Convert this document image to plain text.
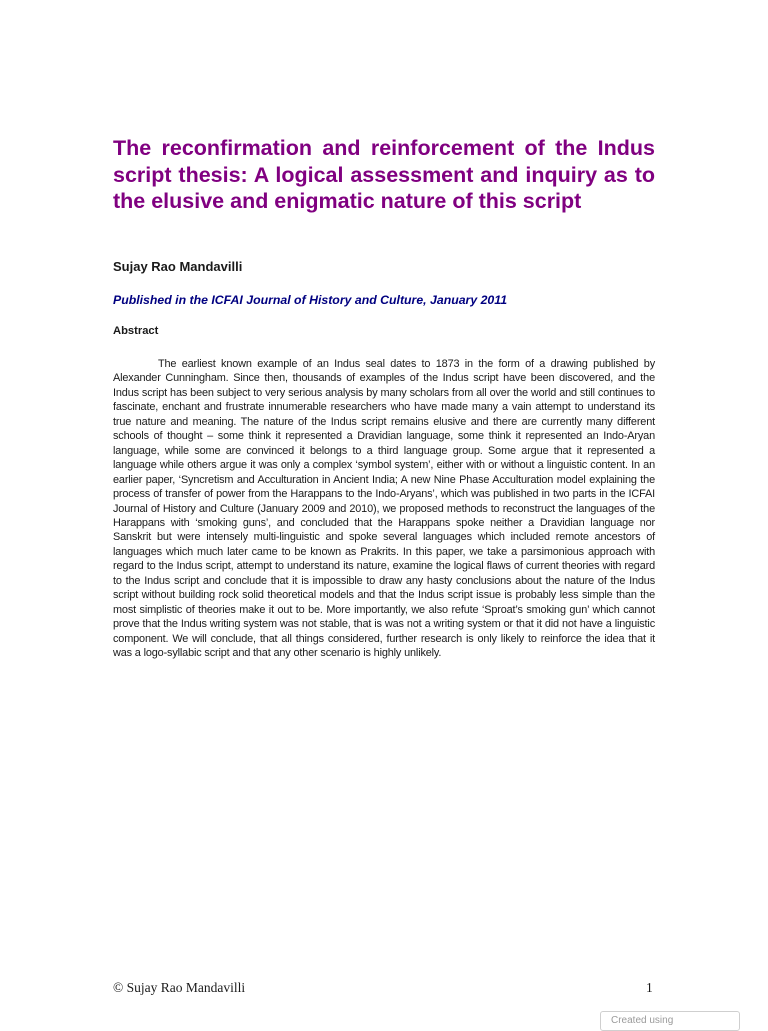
The reconfirmation and reinforcement of the Indus script thesis: A logical assessment and inquiry as to the elusive and enigmatic nature of this script

Sujay Rao Mandavilli

Published in the ICFAI Journal of History and Culture, January 2011

Abstract

The earliest known example of an Indus seal dates to 1873 in the form of a drawing published by Alexander Cunningham. Since then, thousands of examples of the Indus script have been discovered, and the Indus script has been subject to very serious analysis by many scholars from all over the world and still continues to fascinate, enchant and frustrate innumerable researchers who have made many a vain attempt to understand its true nature and meaning. The nature of the Indus script remains elusive and there are currently many different schools of thought – some think it represented a Dravidian language, some think it represented an Indo-Aryan language, while some are convinced it belongs to a third language group. Some argue that it represented a language while others argue it was only a complex ‘symbol system’, either with or without a linguistic content. In an earlier paper, ‘Syncretism and Acculturation in Ancient India; A new Nine Phase Acculturation model explaining the process of transfer of power from the Harappans to the Indo-Aryans’, which was published in two parts in the ICFAI Journal of History and Culture (January 2009 and 2010), we proposed methods to reconstruct the languages of the Harappans with ‘smoking guns’, and concluded that the Harappans spoke neither a Dravidian language nor Sanskrit but were intensely multi-linguistic and spoke several languages which included remote ancestors of languages which much later came to be known as Prakrits. In this paper, we take a parsimonious approach with regard to the Indus script, attempt to understand its nature, examine the logical flaws of current theories with regard to the Indus script and conclude that it is impossible to draw any hasty conclusions about the nature of the Indus script without building rock solid theoretical models and that the Indus script issue is probably less simple than the most simplistic of theories make it out to be. More importantly, we also refute ‘Sproat’s smoking gun’ which cannot prove that the Indus writing system was not stable, that is was not a writing system or that it did not have a linguistic component. We will conclude, that all things considered, further research is only likely to reinforce the idea that it was a logo-syllabic script and that any other scenario is highly unlikely.

© Sujay Rao Mandavilli	1

Created using
